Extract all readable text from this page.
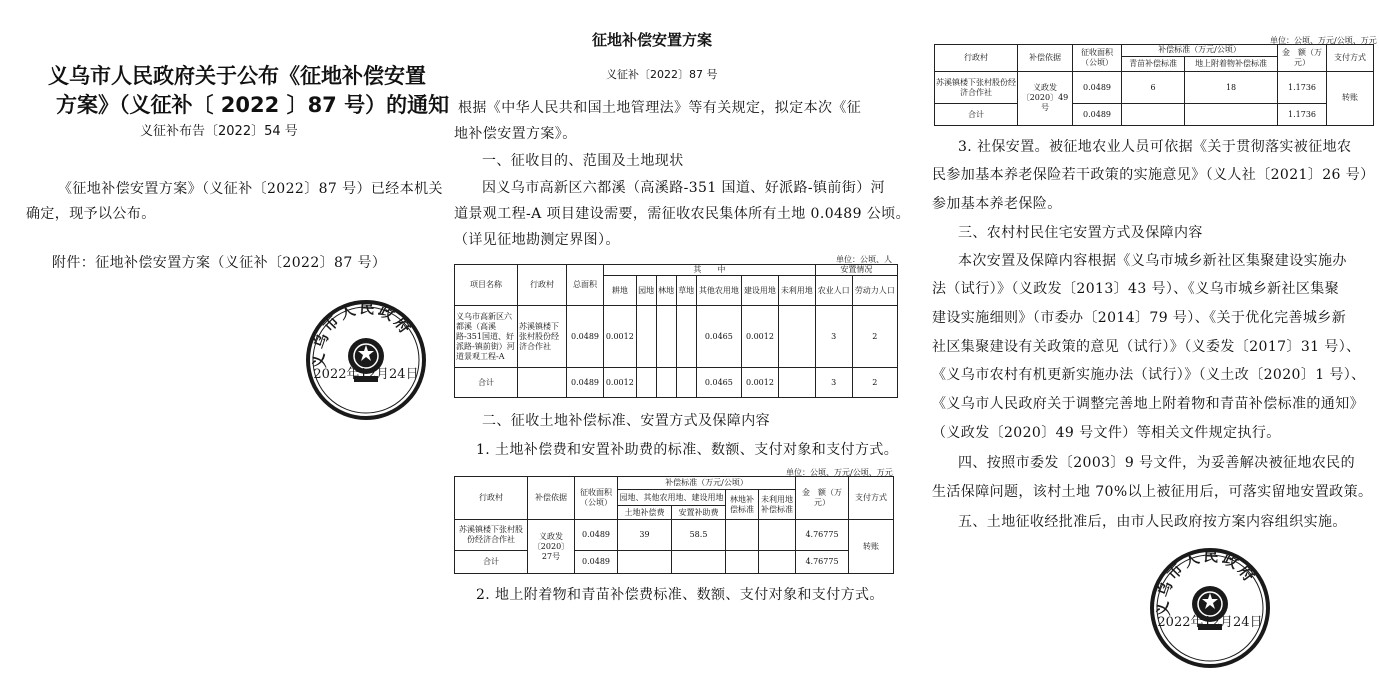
义乌市人民政府关于公布《征地补偿安置
方案》（义征补〔 2022 〕87 号）的通知
义征补布告〔2022〕54 号
《征地补偿安置方案》（义征补〔2022〕87 号）已经本机关
确定，现予以公布。
附件：征地补偿安置方案（义征补〔2022〕87 号）
义乌市人民政府
2022年12月24日
征地补偿安置方案
义征补〔2022〕87 号
根据《中华人民共和国土地管理法》等有关规定，拟定本次《征
地补偿安置方案》。
一、征收目的、范围及土地现状
因义乌市高新区六都溪（高溪路-351 国道、好派路-镇前街）河
道景观工程-A 项目建设需要，需征收农民集体所有土地 0.0489 公顷。
（详见征地勘测定界图）。
单位：公顷、人
项目名称	行政村	总面积	其　　中							安置情况	
			耕地	园地	林地	草地	其他农用地	建设用地	未利用地	农业人口	劳动力人口
义乌市高新区六都溪（高溪路-351国道、好派路-镇前街）河道景观工程-A	苏溪镇楼下张村股份经济合作社	0.0489	0.0012				0.0465	0.0012		3	2
合计		0.0489	0.0012				0.0465	0.0012		3	2
二、征收土地补偿标准、安置方式及保障内容
1. 土地补偿费和安置补助费的标准、数额、支付对象和支付方式。
单位：公顷、万元/公顷、万元
行政村	补偿依据	征收面积（公顷）	补偿标准（万元/公顷）				金　额（万元）	支付方式
			园地、其他农用地、建设用地		林地补偿标准	未利用地补偿标准		
			土地补偿费	安置补助费				
苏溪镇楼下张村股份经济合作社	义政发〔2020〕27号	0.0489	39	58.5			4.76775	转账
合计		0.0489					4.76775	
2. 地上附着物和青苗补偿费标准、数额、支付对象和支付方式。
单位：公顷、万元/公顷、万元
行政村	补偿依据	征收面积（公顷）	补偿标准（万元/公顷）		金　额（万元）	支付方式
			青苗补偿标准	地上附着物补偿标准		
苏溪镇楼下张村股份经济合作社	义政发〔2020〕49号	0.0489	6	18	1.1736	转账
合计		0.0489			1.1736	
3. 社保安置。被征地农业人员可依据《关于贯彻落实被征地农
民参加基本养老保险若干政策的实施意见》（义人社〔2021〕26 号）
参加基本养老保险。
三、农村村民住宅安置方式及保障内容
本次安置及保障内容根据《义乌市城乡新社区集聚建设实施办
法（试行）》（义政发〔2013〕43 号）、《义乌市城乡新社区集聚
建设实施细则》（市委办〔2014〕79 号）、《关于优化完善城乡新
社区集聚建设有关政策的意见（试行）》（义委发〔2017〕31 号）、
《义乌市农村有机更新实施办法（试行）》（义土改〔2020〕1 号）、
《义乌市人民政府关于调整完善地上附着物和青苗补偿标准的通知》
（义政发〔2020〕49 号文件）等相关文件规定执行。
四、按照市委发〔2003〕9 号文件，为妥善解决被征地农民的
生活保障问题，该村土地 70%以上被征用后，可落实留地安置政策。
五、土地征收经批准后，由市人民政府按方案内容组织实施。
义乌市人民政府
2022年12月24日
